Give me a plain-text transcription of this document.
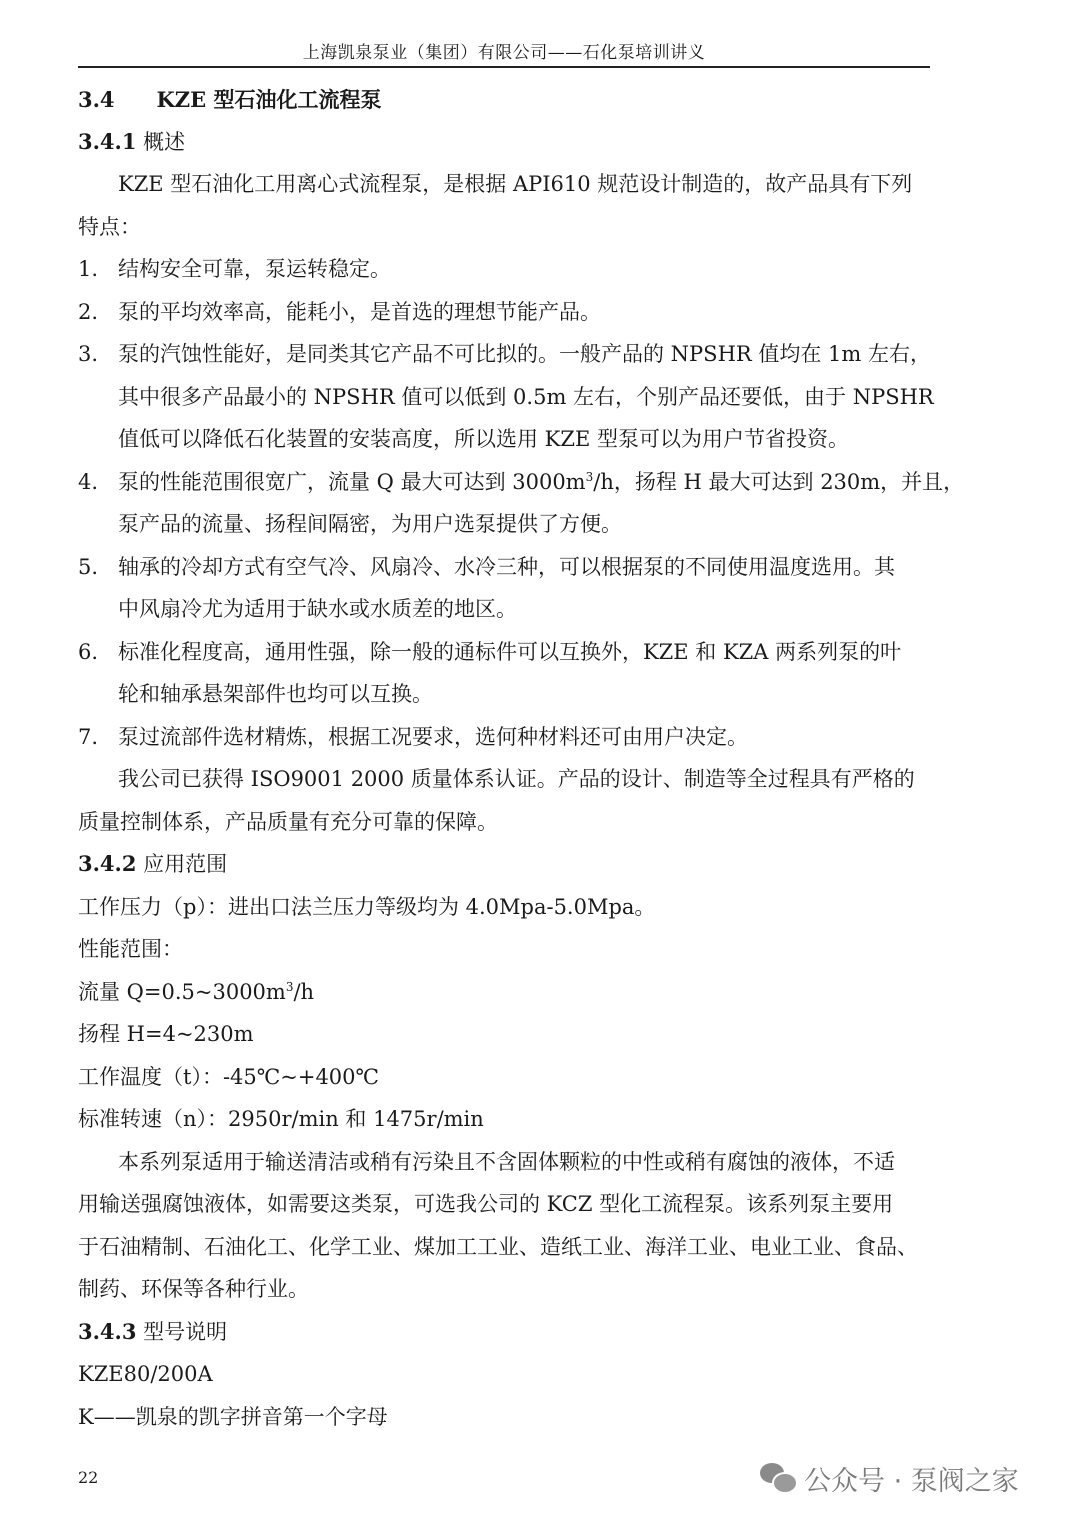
上海凯泉泵业（集团）有限公司——石化泵培训讲义
3.4 KZE 型石油化工流程泵
3.4.1 概述
KZE 型石油化工用离心式流程泵，是根据 API610 规范设计制造的，故产品具有下列
特点：
1. 结构安全可靠，泵运转稳定。
2. 泵的平均效率高，能耗小，是首选的理想节能产品。
3. 泵的汽蚀性能好，是同类其它产品不可比拟的。一般产品的 NPSHR 值均在 1m 左右，
其中很多产品最小的 NPSHR 值可以低到 0.5m 左右，个别产品还要低，由于 NPSHR
值低可以降低石化装置的安装高度，所以选用 KZE 型泵可以为用户节省投资。
4. 泵的性能范围很宽广，流量 Q 最大可达到 $3000m^3/h$，扬程 H 最大可达到 230m，并且，
泵产品的流量、扬程间隔密，为用户选泵提供了方便。
5. 轴承的冷却方式有空气冷、风扇冷、水冷三种，可以根据泵的不同使用温度选用。其
中风扇冷尤为适用于缺水或水质差的地区。
6. 标准化程度高，通用性强，除一般的通标件可以互换外，KZE 和 KZA 两系列泵的叶
轮和轴承悬架部件也均可以互换。
7. 泵过流部件选材精炼，根据工况要求，选何种材料还可由用户决定。
我公司已获得 ISO9001 2000 质量体系认证。产品的设计、制造等全过程具有严格的
质量控制体系，产品质量有充分可靠的保障。
3.4.2 应用范围
工作压力（p）：进出口法兰压力等级均为 4.0Mpa-5.0Mpa。
性能范围：
流量 $Q=0.5\sim 3000m^3/h$
扬程 H=4~230m
工作温度（t）：-45℃~+400℃
标准转速（n）：2950r/min 和 1475r/min
本系列泵适用于输送清洁或稍有污染且不含固体颗粒的中性或稍有腐蚀的液体，不适
用输送强腐蚀液体，如需要这类泵，可选我公司的 KCZ 型化工流程泵。该系列泵主要用
于石油精制、石油化工、化学工业、煤加工工业、造纸工业、海洋工业、电业工业、食品、
制药、环保等各种行业。
3.4.3 型号说明
KZE80/200A
K——凯泉的凯字拼音第一个字母
22	公众号 · 泵阀之家
